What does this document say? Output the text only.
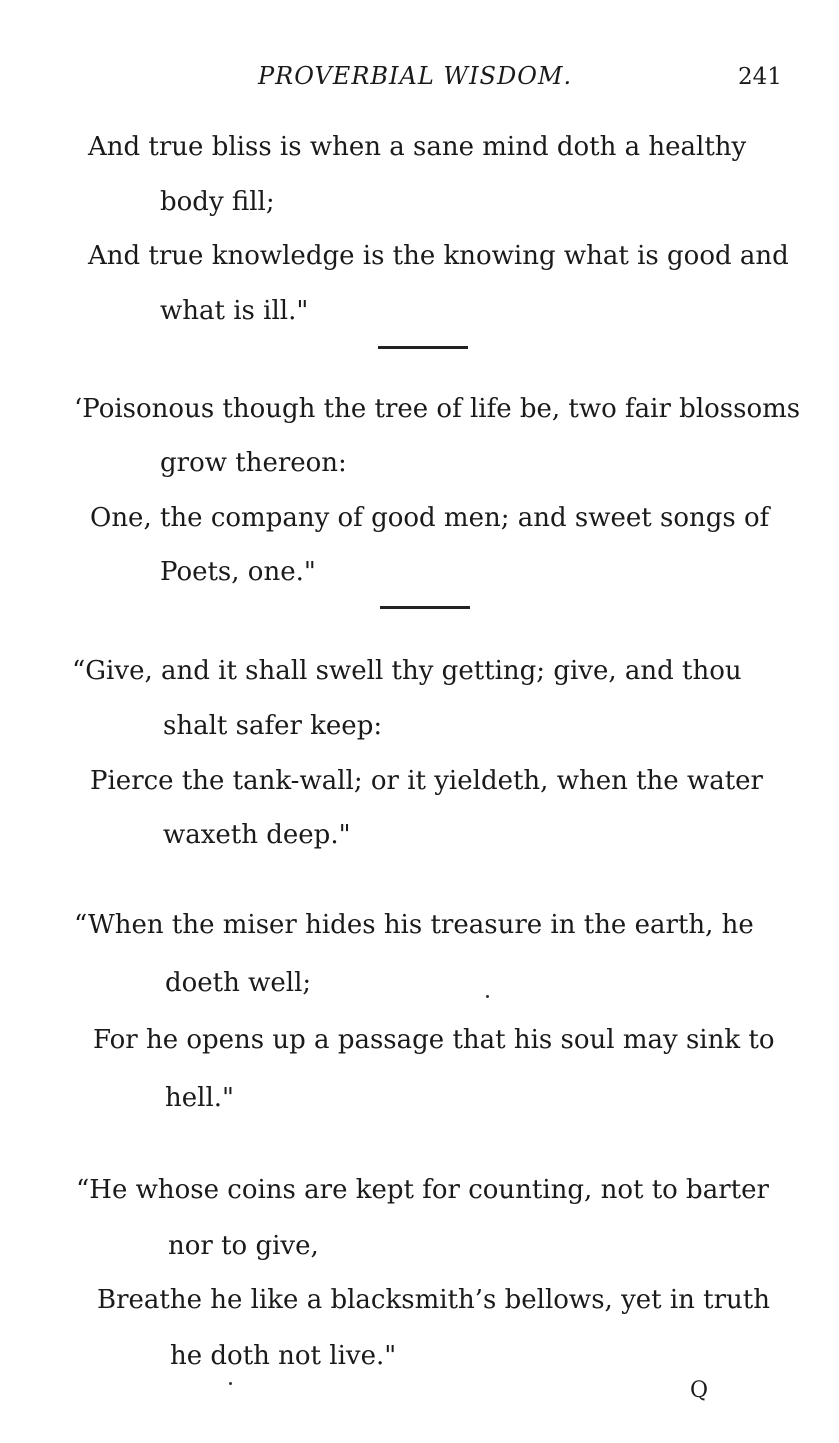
PROVERBIAL WISDOM.	241
And true bliss is when a sane mind doth a healthy
body fill;
And true knowledge is the knowing what is good and
what is ill."
‘Poisonous though the tree of life be, two fair blossoms
grow thereon:
One, the company of good men; and sweet songs of
Poets, one."
“Give, and it shall swell thy getting; give, and thou
shalt safer keep:
Pierce the tank-wall; or it yieldeth, when the water
waxeth deep."
“When the miser hides his treasure in the earth, he
doeth well;
For he opens up a passage that his soul may sink to
hell."
“He whose coins are kept for counting, not to barter
nor to give,
Breathe he like a blacksmith’s bellows, yet in truth
he doth not live."
Q
